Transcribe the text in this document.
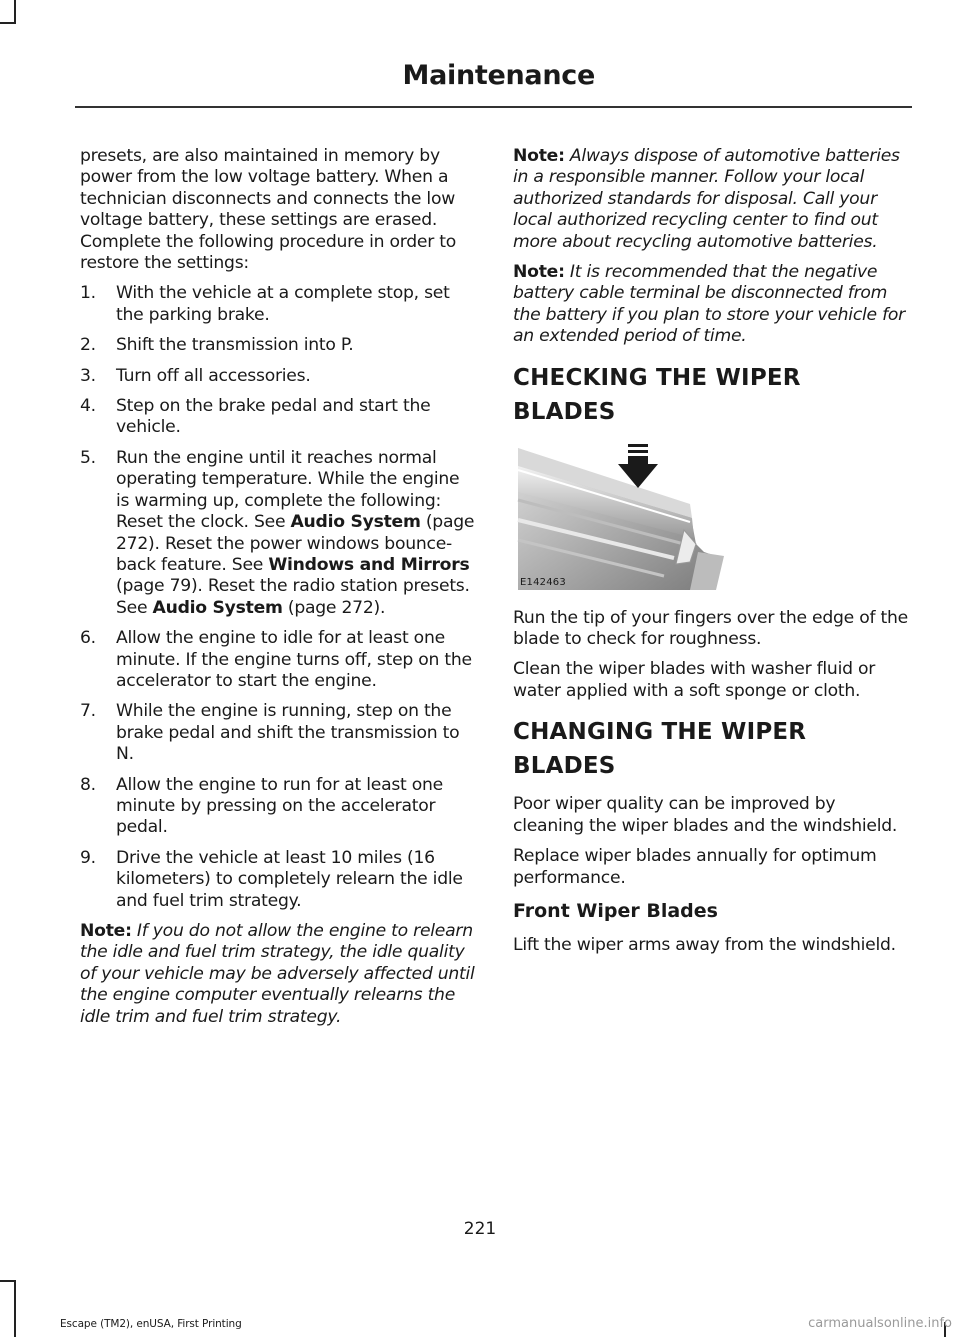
Maintenance

presets, are also maintained in memory by power from the low voltage battery. When a technician disconnects and connects the low voltage battery, these settings are erased. Complete the following procedure in order to restore the settings:

1. With the vehicle at a complete stop, set the parking brake.
2. Shift the transmission into P.
3. Turn off all accessories.
4. Step on the brake pedal and start the vehicle.
5. Run the engine until it reaches normal operating temperature. While the engine is warming up, complete the following: Reset the clock. See Audio System (page 272). Reset the power windows bounce-back feature. See Windows and Mirrors (page 79). Reset the radio station presets. See Audio System (page 272).
6. Allow the engine to idle for at least one minute. If the engine turns off, step on the accelerator to start the engine.
7. While the engine is running, step on the brake pedal and shift the transmission to N.
8. Allow the engine to run for at least one minute by pressing on the accelerator pedal.
9. Drive the vehicle at least 10 miles (16 kilometers) to completely relearn the idle and fuel trim strategy.

Note: If you do not allow the engine to relearn the idle and fuel trim strategy, the idle quality of your vehicle may be adversely affected until the engine computer eventually relearns the idle trim and fuel trim strategy.

Note: Always dispose of automotive batteries in a responsible manner. Follow your local authorized standards for disposal. Call your local authorized recycling center to find out more about recycling automotive batteries.

Note: It is recommended that the negative battery cable terminal be disconnected from the battery if you plan to store your vehicle for an extended period of time.

CHECKING THE WIPER
BLADES
E142463

Run the tip of your fingers over the edge of the blade to check for roughness.

Clean the wiper blades with washer fluid or water applied with a soft sponge or cloth.

CHANGING THE WIPER
BLADES

Poor wiper quality can be improved by cleaning the wiper blades and the windshield.

Replace wiper blades annually for optimum performance.

Front Wiper Blades

Lift the wiper arms away from the windshield.

221
Escape (TM2), enUSA, First Printing	carmanualsonline.info
